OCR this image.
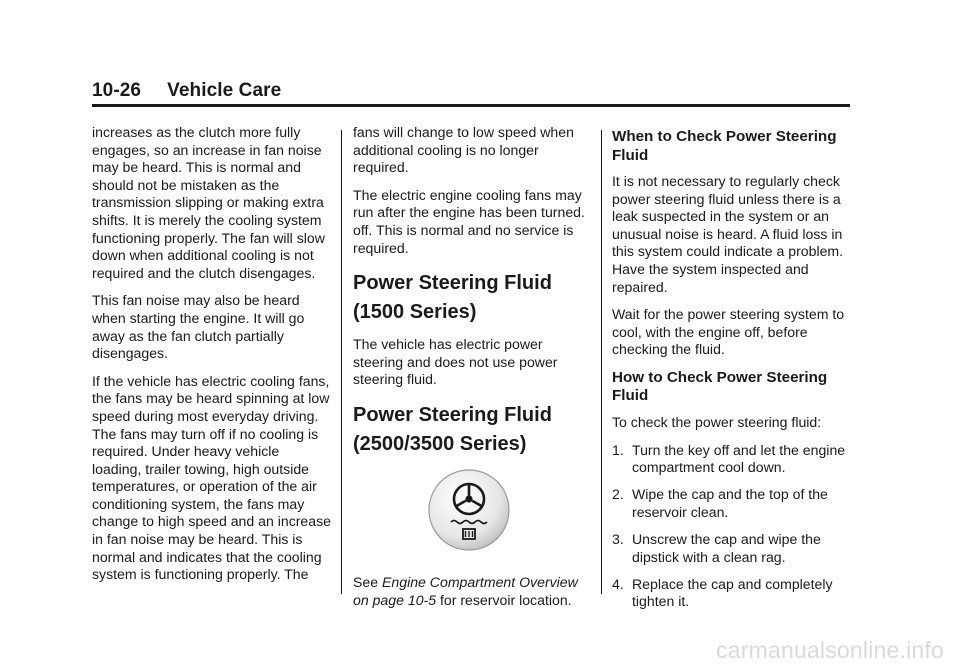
10-26 Vehicle Care

increases as the clutch more fully engages, so an increase in fan noise may be heard. This is normal and should not be mistaken as the transmission slipping or making extra shifts. It is merely the cooling system functioning properly. The fan will slow down when additional cooling is not required and the clutch disengages.

This fan noise may also be heard when starting the engine. It will go away as the fan clutch partially disengages.

If the vehicle has electric cooling fans, the fans may be heard spinning at low speed during most everyday driving. The fans may turn off if no cooling is required. Under heavy vehicle loading, trailer towing, high outside temperatures, or operation of the air conditioning system, the fans may change to high speed and an increase in fan noise may be heard. This is normal and indicates that the cooling system is functioning properly. The

fans will change to low speed when additional cooling is no longer required.

The electric engine cooling fans may run after the engine has been turned. off. This is normal and no service is required.

Power Steering Fluid (1500 Series)

The vehicle has electric power steering and does not use power steering fluid.

Power Steering Fluid (2500/3500 Series)

See Engine Compartment Overview on page 10-5 for reservoir location.

When to Check Power Steering Fluid

It is not necessary to regularly check power steering fluid unless there is a leak suspected in the system or an unusual noise is heard. A fluid loss in this system could indicate a problem. Have the system inspected and repaired.

Wait for the power steering system to cool, with the engine off, before checking the fluid.

How to Check Power Steering Fluid

To check the power steering fluid:

1. Turn the key off and let the engine compartment cool down.
2. Wipe the cap and the top of the reservoir clean.
3. Unscrew the cap and wipe the dipstick with a clean rag.
4. Replace the cap and completely tighten it.
carmanualsonline.info
